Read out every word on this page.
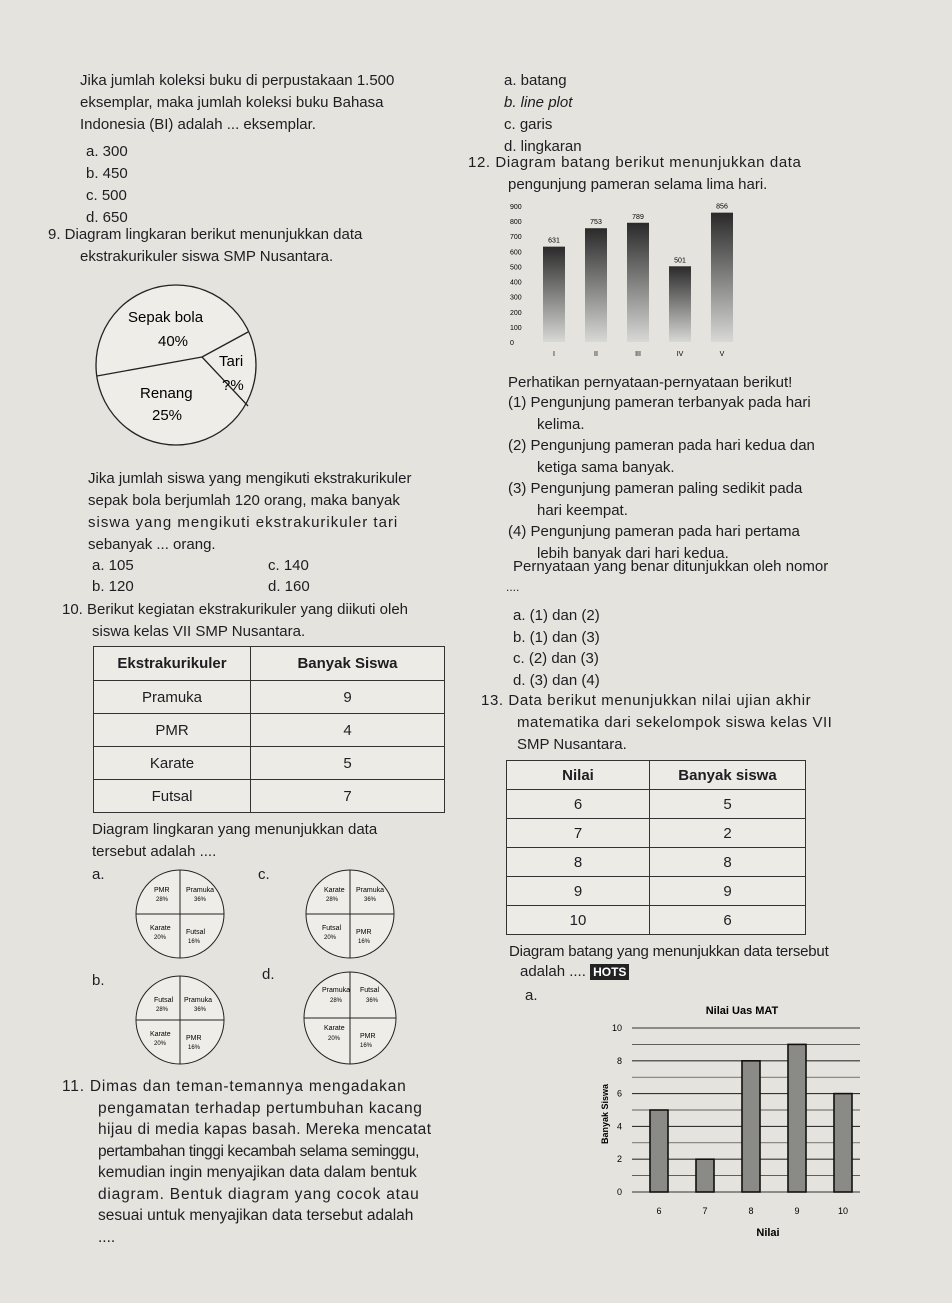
Jika jumlah koleksi buku di perpustakaan 1.500
eksemplar, maka jumlah koleksi buku Bahasa
Indonesia (BI) adalah ... eksemplar.
a. 300
b. 450
c. 500
d. 650
9. Diagram lingkaran berikut menunjukkan data
ekstrakurikuler siswa SMP Nusantara.
Sepak bola
40%
Tari
?%
Renang
25%
Jika jumlah siswa yang mengikuti ekstrakurikuler
sepak bola berjumlah 120 orang, maka banyak
siswa yang mengikuti ekstrakurikuler tari
sebanyak ... orang.
a. 105
b. 120
c. 140
d. 160
10. Berikut kegiatan ekstrakurikuler yang diikuti oleh
siswa kelas VII SMP Nusantara.
Ekstrakurikuler	Banyak Siswa
Pramuka	9
PMR	4
Karate	5
Futsal	7
Diagram lingkaran yang menunjukkan data
tersebut adalah ....
a.
b.
c.
d.
PMR Pramuka
28%	36%
Karate
Futsal
20%
16%
Karate Pramuka
28%	36%
Futsal
PMR
20%
16%
Futsal Pramuka
28%	36%
Karate
PMR
20%
16%
Pramuka Futsal
28%	36%
Karate
PMR
20%
16%
11. Dimas dan teman-temannya mengadakan
pengamatan terhadap pertumbuhan kacang
hijau di media kapas basah. Mereka mencatat
pertambahan tinggi kecambah selama seminggu,
kemudian ingin menyajikan data dalam bentuk
diagram. Bentuk diagram yang cocok atau
sesuai untuk menyajikan data tersebut adalah
....
a. batang
b. line plot
c. garis
d. lingkaran
12. Diagram batang berikut menunjukkan data
pengunjung pameran selama lima hari.
0
100
200
300
400
500
600
700
800
900
631
I
753
II
789
III
501
IV
856
V
Perhatikan pernyataan-pernyataan berikut!
(1) Pengunjung pameran terbanyak pada hari
kelima.
(2) Pengunjung pameran pada hari kedua dan
ketiga sama banyak.
(3) Pengunjung pameran paling sedikit pada
hari keempat.
(4) Pengunjung pameran pada hari pertama
lebih banyak dari hari kedua.
Pernyataan yang benar ditunjukkan oleh nomor
....
a. (1) dan (2)
b. (1) dan (3)
c. (2) dan (3)
d. (3) dan (4)
13. Data berikut menunjukkan nilai ujian akhir
matematika dari sekelompok siswa kelas VII
SMP Nusantara.
Nilai	Banyak siswa
6	5
7	2
8	8
9	9
10	6
Diagram batang yang menunjukkan data tersebut
adalah .... HOTS
a.
Nilai Uas MAT
Nilai
Banyak Siswa
0
2
4
6
8
10
6	7	8	9	10
